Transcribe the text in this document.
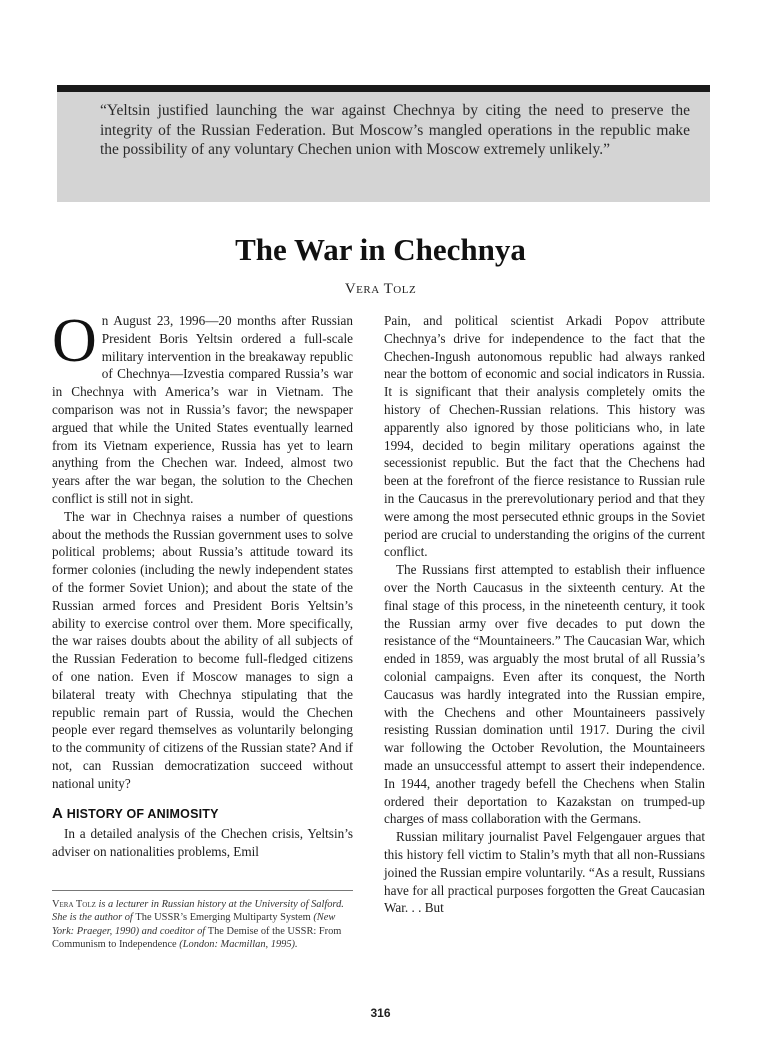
“Yeltsin justified launching the war against Chechnya by citing the need to preserve the integrity of the Russian Federation. But Moscow’s mangled operations in the republic make the possibility of any voluntary Chechen union with Moscow extremely unlikely.”

The War in Chechnya

Vera Tolz

On August 23, 1996—20 months after Russian President Boris Yeltsin ordered a full-scale military intervention in the breakaway republic of Chechnya—Izvestia compared Russia’s war in Chechnya with America’s war in Vietnam. The comparison was not in Russia’s favor; the newspaper argued that while the United States eventually learned from its Vietnam experience, Russia has yet to learn anything from the Chechen war. Indeed, almost two years after the war began, the solution to the Chechen conflict is still not in sight.

The war in Chechnya raises a number of questions about the methods the Russian government uses to solve political problems; about Russia’s attitude toward its former colonies (including the newly independent states of the former Soviet Union); and about the state of the Russian armed forces and President Boris Yeltsin’s ability to exercise control over them. More specifically, the war raises doubts about the ability of all subjects of the Russian Federation to become full-fledged citizens of one nation. Even if Moscow manages to sign a bilateral treaty with Chechnya stipulating that the republic remain part of Russia, would the Chechen people ever regard themselves as voluntarily belonging to the community of citizens of the Russian state? And if not, can Russian democratization succeed without national unity?

A HISTORY OF ANIMOSITY

In a detailed analysis of the Chechen crisis, Yeltsin’s adviser on nationalities problems, Emil

Pain, and political scientist Arkadi Popov attribute Chechnya’s drive for independence to the fact that the Chechen-Ingush autonomous republic had always ranked near the bottom of economic and social indicators in Russia. It is significant that their analysis completely omits the history of Chechen-Russian relations. This history was apparently also ignored by those politicians who, in late 1994, decided to begin military operations against the secessionist republic. But the fact that the Chechens had been at the forefront of the fierce resistance to Russian rule in the Caucasus in the prerevolutionary period and that they were among the most persecuted ethnic groups in the Soviet period are crucial to understanding the origins of the current conflict.

The Russians first attempted to establish their influence over the North Caucasus in the sixteenth century. At the final stage of this process, in the nineteenth century, it took the Russian army over five decades to put down the resistance of the “Mountaineers.” The Caucasian War, which ended in 1859, was arguably the most brutal of all Russia’s colonial campaigns. Even after its conquest, the North Caucasus was hardly integrated into the Russian empire, with the Chechens and other Mountaineers passively resisting Russian domination until 1917. During the civil war following the October Revolution, the Mountaineers made an unsuccessful attempt to assert their independence. In 1944, another tragedy befell the Chechens when Stalin ordered their deportation to Kazakstan on trumped-up charges of mass collaboration with the Germans.

Russian military journalist Pavel Felgengauer argues that this history fell victim to Stalin’s myth that all non-Russians joined the Russian empire voluntarily. “As a result, Russians have for all practical purposes forgotten the Great Caucasian War. . . But

Vera Tolz is a lecturer in Russian history at the University of Salford. She is the author of The USSR’s Emerging Multiparty System (New York: Praeger, 1990) and coeditor of The Demise of the USSR: From Communism to Independence (London: Macmillan, 1995).

316
